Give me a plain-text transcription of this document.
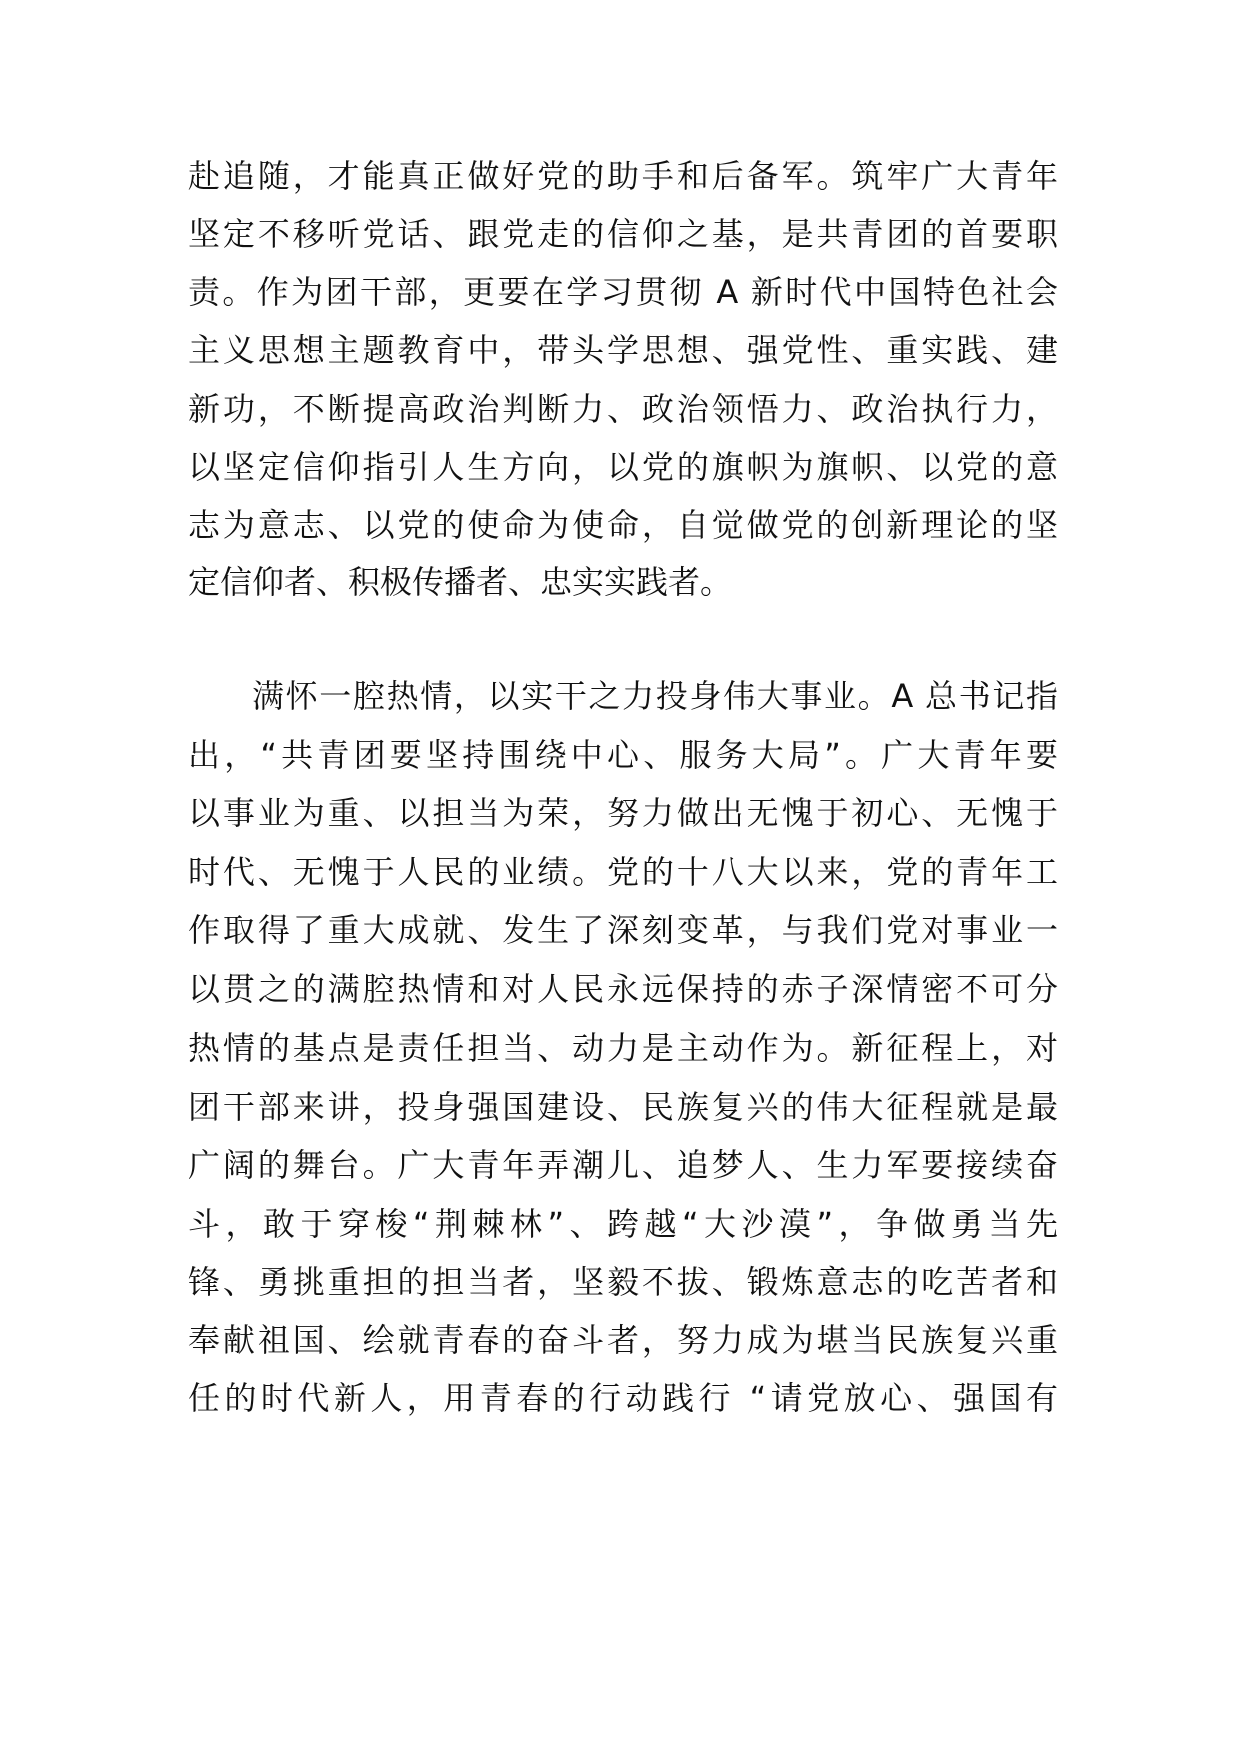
赴追随，才能真正做好党的助手和后备军。筑牢广大青年
坚定不移听党话、跟党走的信仰之基，是共青团的首要职
责。作为团干部，更要在学习贯彻 A 新时代中国特色社会
主义思想主题教育中，带头学思想、强党性、重实践、建
新功，不断提高政治判断力、政治领悟力、政治执行力，
以坚定信仰指引人生方向，以党的旗帜为旗帜、以党的意
志为意志、以党的使命为使命，自觉做党的创新理论的坚
定信仰者、积极传播者、忠实实践者。
满怀一腔热情，以实干之力投身伟大事业。A 总书记指
出，“共青团要坚持围绕中心、服务大局”。广大青年要
以事业为重、以担当为荣，努力做出无愧于初心、无愧于
时代、无愧于人民的业绩。党的十八大以来，党的青年工
作取得了重大成就、发生了深刻变革，与我们党对事业一
以贯之的满腔热情和对人民永远保持的赤子深情密不可分
热情的基点是责任担当、动力是主动作为。新征程上，对
团干部来讲，投身强国建设、民族复兴的伟大征程就是最
广阔的舞台。广大青年弄潮儿、追梦人、生力军要接续奋
斗，敢于穿梭“荆棘林”、跨越“大沙漠”，争做勇当先
锋、勇挑重担的担当者，坚毅不拔、锻炼意志的吃苦者和
奉献祖国、绘就青春的奋斗者，努力成为堪当民族复兴重
任的时代新人，用青春的行动践行 “请党放心、强国有
